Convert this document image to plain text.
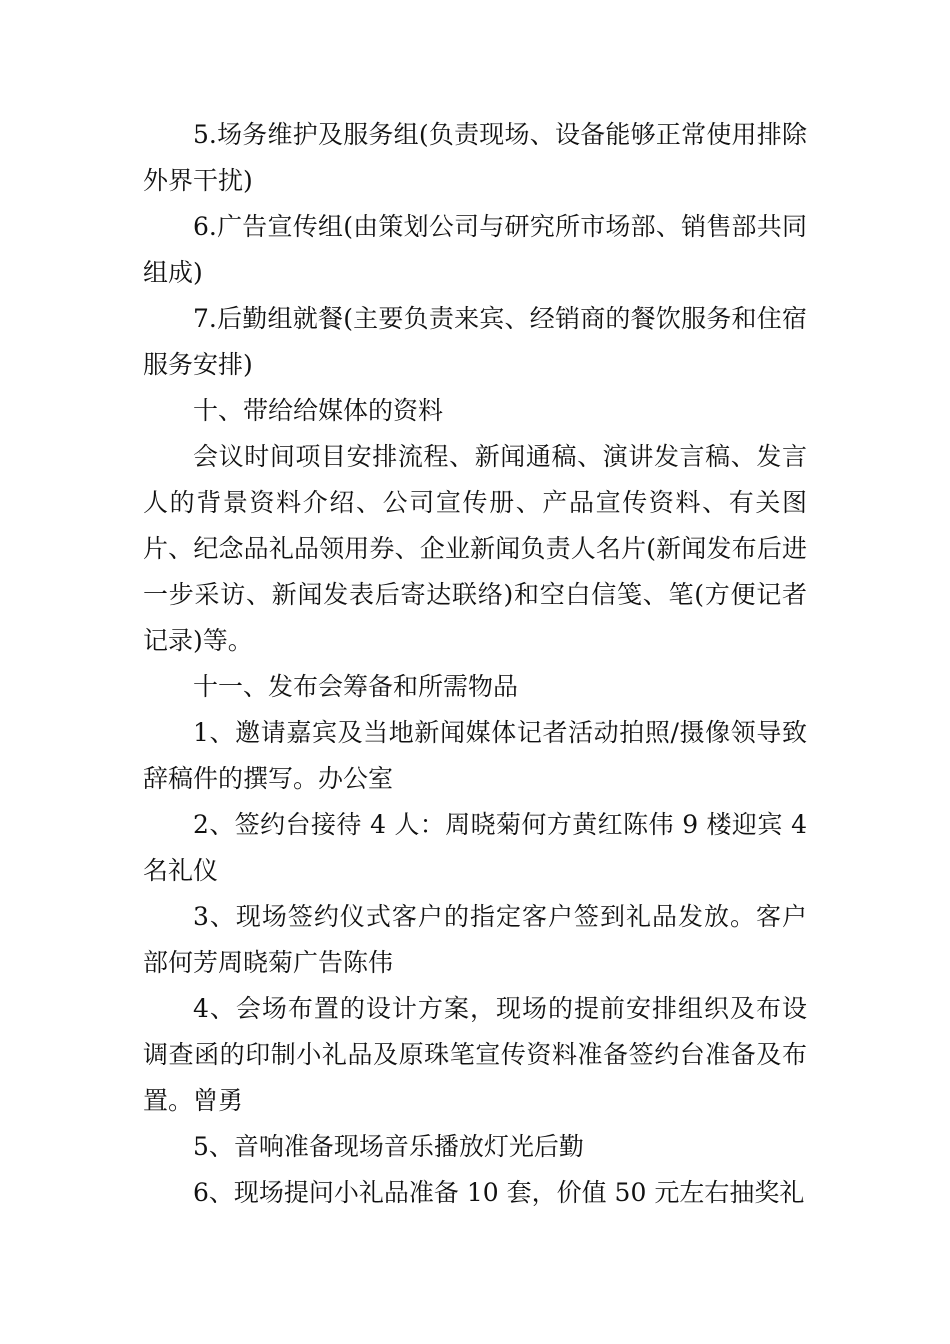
5.场务维护及服务组(负责现场、设备能够正常使用排除外界干扰)

6.广告宣传组(由策划公司与研究所市场部、销售部共同组成)

7.后勤组就餐(主要负责来宾、经销商的餐饮服务和住宿服务安排)

十、带给给媒体的资料

会议时间项目安排流程、新闻通稿、演讲发言稿、发言人的背景资料介绍、公司宣传册、产品宣传资料、有关图片、纪念品礼品领用券、企业新闻负责人名片(新闻发布后进一步采访、新闻发表后寄达联络)和空白信笺、笔(方便记者记录)等。

十一、发布会筹备和所需物品

1、邀请嘉宾及当地新闻媒体记者活动拍照/摄像领导致辞稿件的撰写。办公室

2、签约台接待 4 人：周晓菊何方黄红陈伟 9 楼迎宾 4 名礼仪

3、现场签约仪式客户的指定客户签到礼品发放。客户部何芳周晓菊广告陈伟

4、会场布置的设计方案，现场的提前安排组织及布设调查函的印制小礼品及原珠笔宣传资料准备签约台准备及布置。曾勇

5、音响准备现场音乐播放灯光后勤

6、现场提问小礼品准备 10 套，价值 50 元左右抽奖礼
